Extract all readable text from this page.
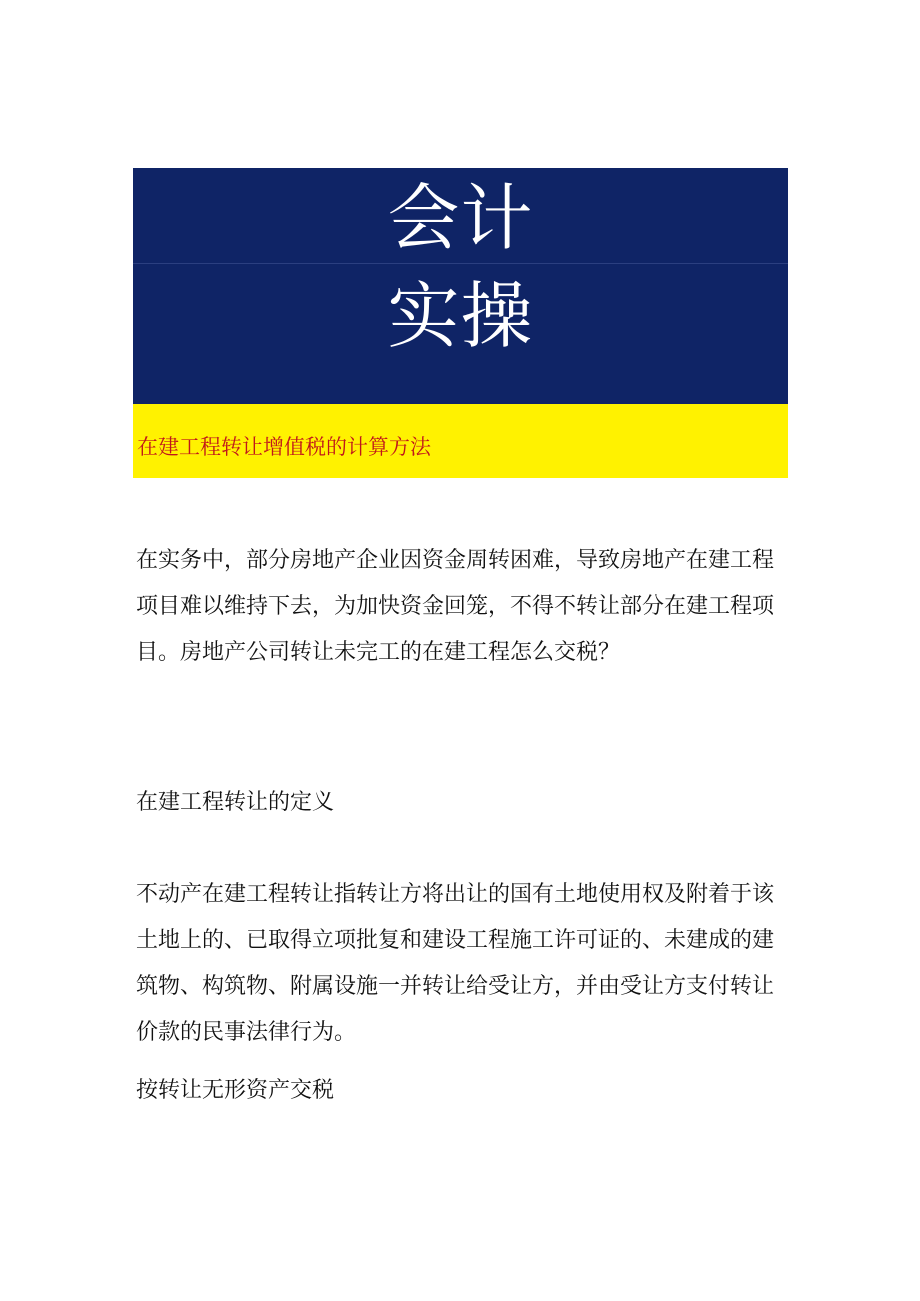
会计
实操
在建工程转让增值税的计算方法
在实务中，部分房地产企业因资金周转困难，导致房地产在建工程项目难以维持下去，为加快资金回笼，不得不转让部分在建工程项目。房地产公司转让未完工的在建工程怎么交税？
在建工程转让的定义
不动产在建工程转让指转让方将出让的国有土地使用权及附着于该土地上的、已取得立项批复和建设工程施工许可证的、未建成的建筑物、构筑物、附属设施一并转让给受让方，并由受让方支付转让价款的民事法律行为。
按转让无形资产交税
